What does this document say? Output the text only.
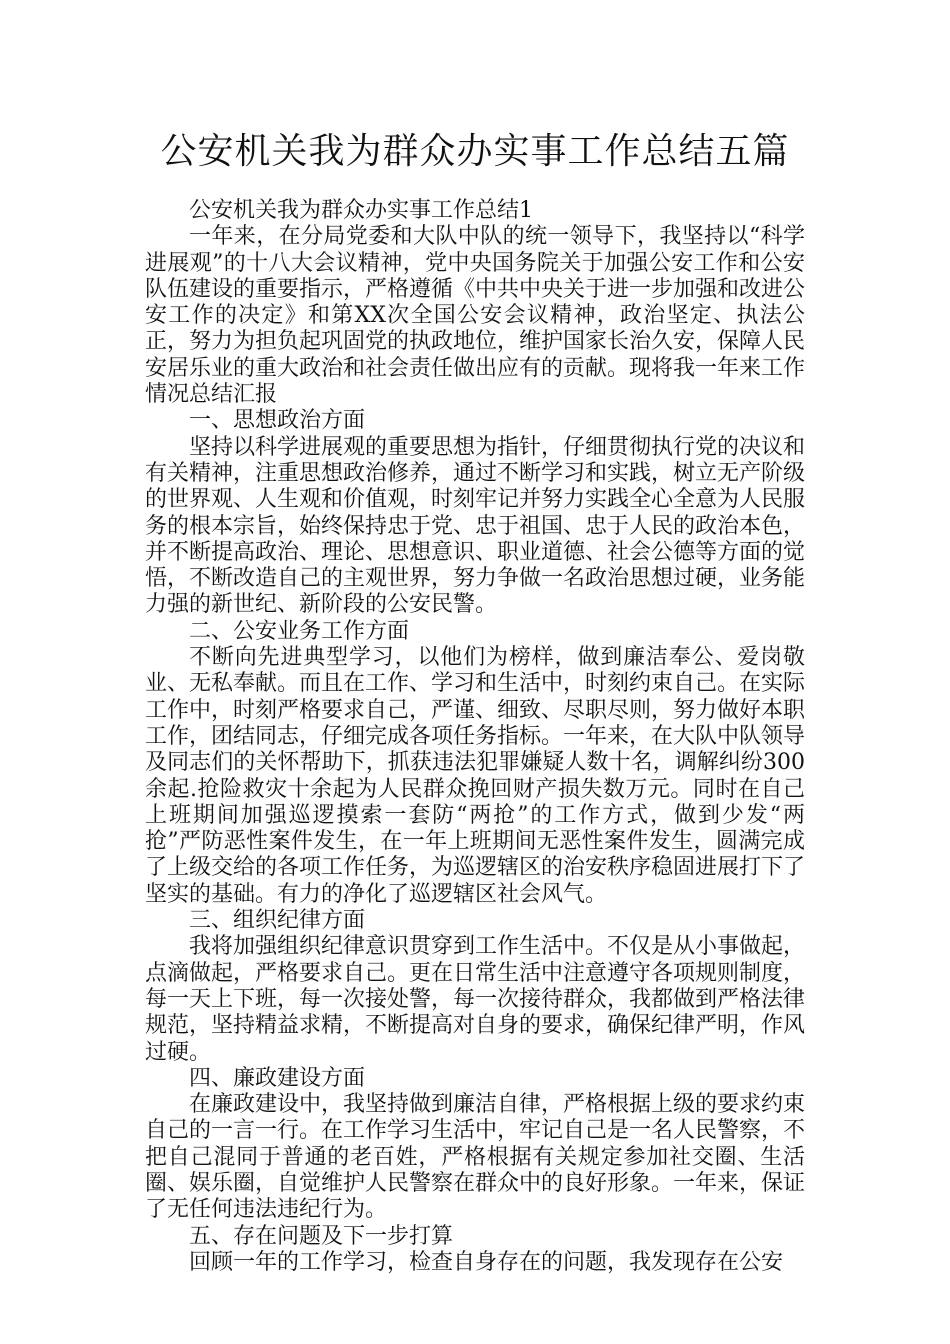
公安机关我为群众办实事工作总结五篇

公安机关我为群众办实事工作总结1

一年来，在分局党委和大队中队的统一领导下，我坚持以“科学进展观”的十八大会议精神，党中央国务院关于加强公安工作和公安队伍建设的重要指示，严格遵循《中共中央关于进一步加强和改进公安工作的决定》和第XX次全国公安会议精神，政治坚定、执法公正，努力为担负起巩固党的执政地位，维护国家长治久安，保障人民安居乐业的重大政治和社会责任做出应有的贡献。现将我一年来工作情况总结汇报

一、思想政治方面

坚持以科学进展观的重要思想为指针，仔细贯彻执行党的决议和有关精神，注重思想政治修养，通过不断学习和实践，树立无产阶级的世界观、人生观和价值观，时刻牢记并努力实践全心全意为人民服务的根本宗旨，始终保持忠于党、忠于祖国、忠于人民的政治本色，并不断提高政治、理论、思想意识、职业道德、社会公德等方面的觉悟，不断改造自己的主观世界，努力争做一名政治思想过硬，业务能力强的新世纪、新阶段的公安民警。

二、公安业务工作方面

不断向先进典型学习，以他们为榜样，做到廉洁奉公、爱岗敬业、无私奉献。而且在工作、学习和生活中，时刻约束自己。在实际工作中，时刻严格要求自己，严谨、细致、尽职尽则，努力做好本职工作，团结同志，仔细完成各项任务指标。一年来，在大队中队领导及同志们的关怀帮助下，抓获违法犯罪嫌疑人数十名，调解纠纷300余起.抢险救灾十余起为人民群众挽回财产损失数万元。同时在自己上班期间加强巡逻摸索一套防“两抢”的工作方式，做到少发“两抢”严防恶性案件发生，在一年上班期间无恶性案件发生，圆满完成了上级交给的各项工作任务，为巡逻辖区的治安秩序稳固进展打下了坚实的基础。有力的净化了巡逻辖区社会风气。

三、组织纪律方面

我将加强组织纪律意识贯穿到工作生活中。不仅是从小事做起，点滴做起，严格要求自己。更在日常生活中注意遵守各项规则制度，每一天上下班，每一次接处警，每一次接待群众，我都做到严格法律规范，坚持精益求精，不断提高对自身的要求，确保纪律严明，作风过硬。

四、廉政建设方面

在廉政建设中，我坚持做到廉洁自律，严格根据上级的要求约束自己的一言一行。在工作学习生活中，牢记自己是一名人民警察，不把自己混同于普通的老百姓，严格根据有关规定参加社交圈、生活圈、娱乐圈，自觉维护人民警察在群众中的良好形象。一年来，保证了无任何违法违纪行为。

五、存在问题及下一步打算

回顾一年的工作学习，检查自身存在的问题，我发现存在公安
